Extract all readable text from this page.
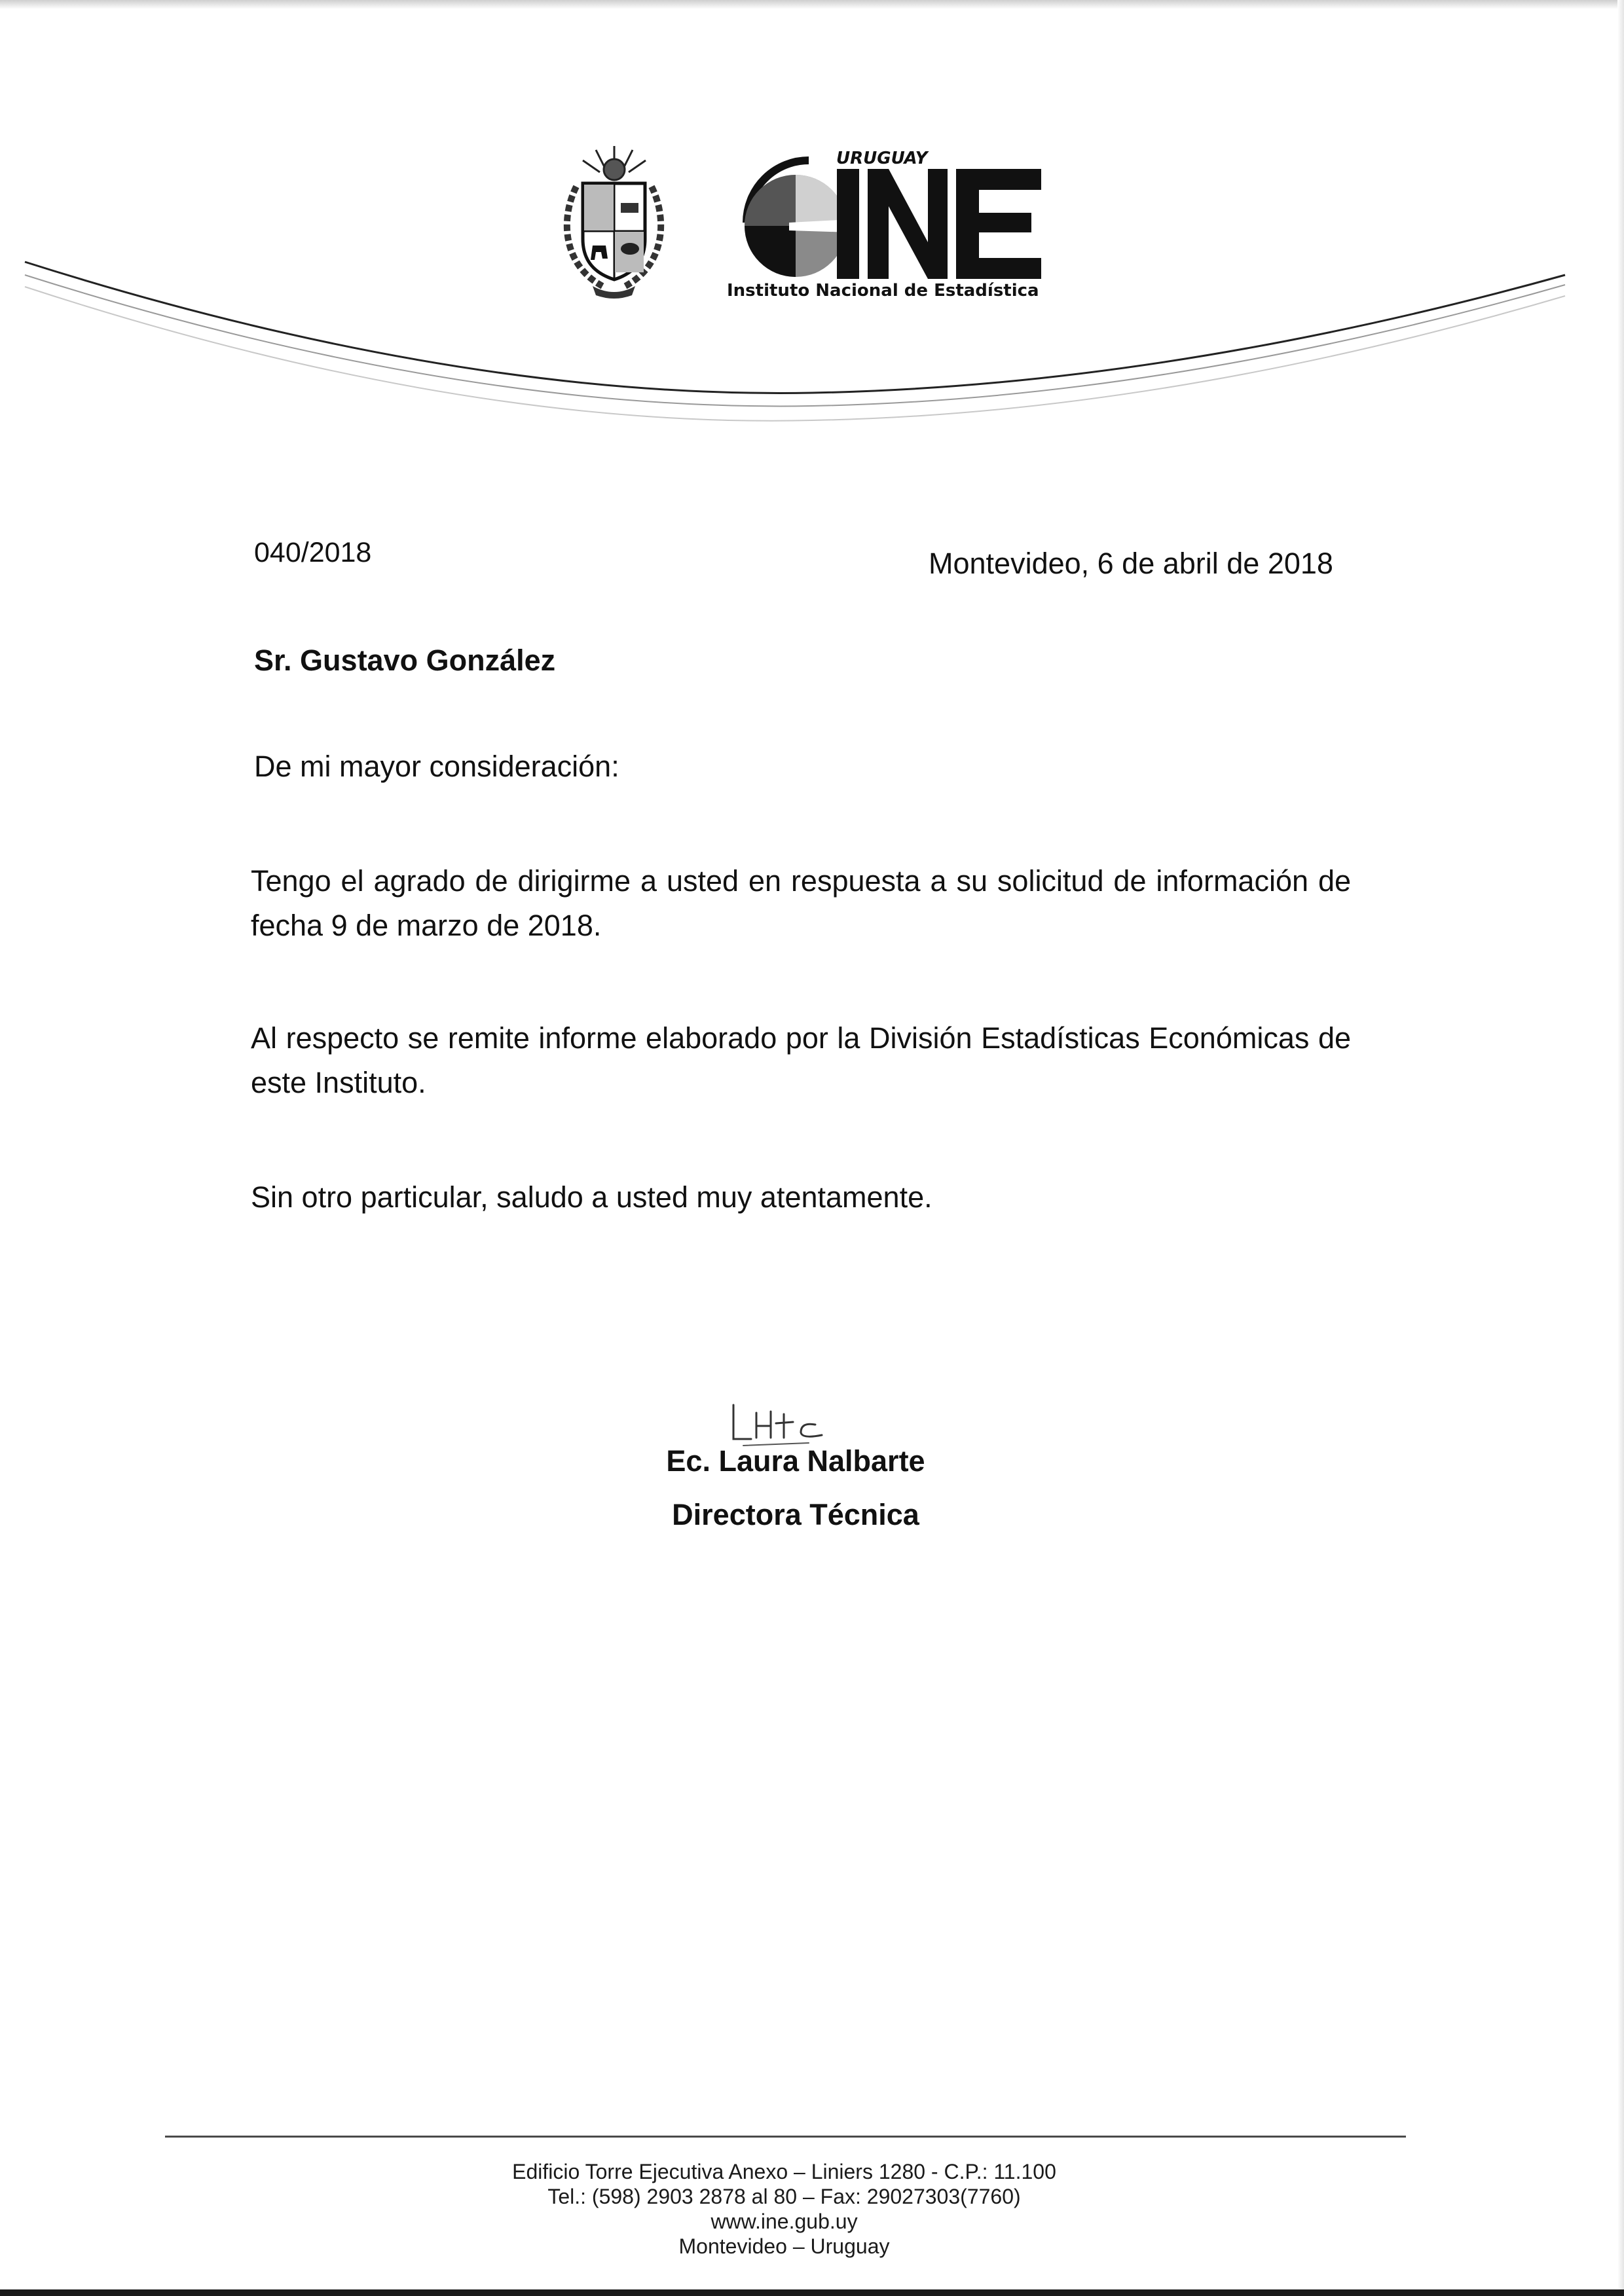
URUGUAY
Instituto Nacional de Estadística
040/2018	Montevideo, 6 de abril de 2018
Sr. Gustavo González
De mi mayor consideración:
Tengo el agrado de dirigirme a usted en respuesta a su solicitud de información de fecha 9 de marzo de 2018.
Al respecto se remite informe elaborado por la División Estadísticas Económicas de este Instituto.
Sin otro particular, saludo a usted muy atentamente.
Ec. Laura Nalbarte
Directora Técnica
Edificio Torre Ejecutiva Anexo – Liniers 1280 - C.P.: 11.100
Tel.: (598) 2903 2878 al 80 – Fax: 29027303(7760)
www.ine.gub.uy
Montevideo – Uruguay
